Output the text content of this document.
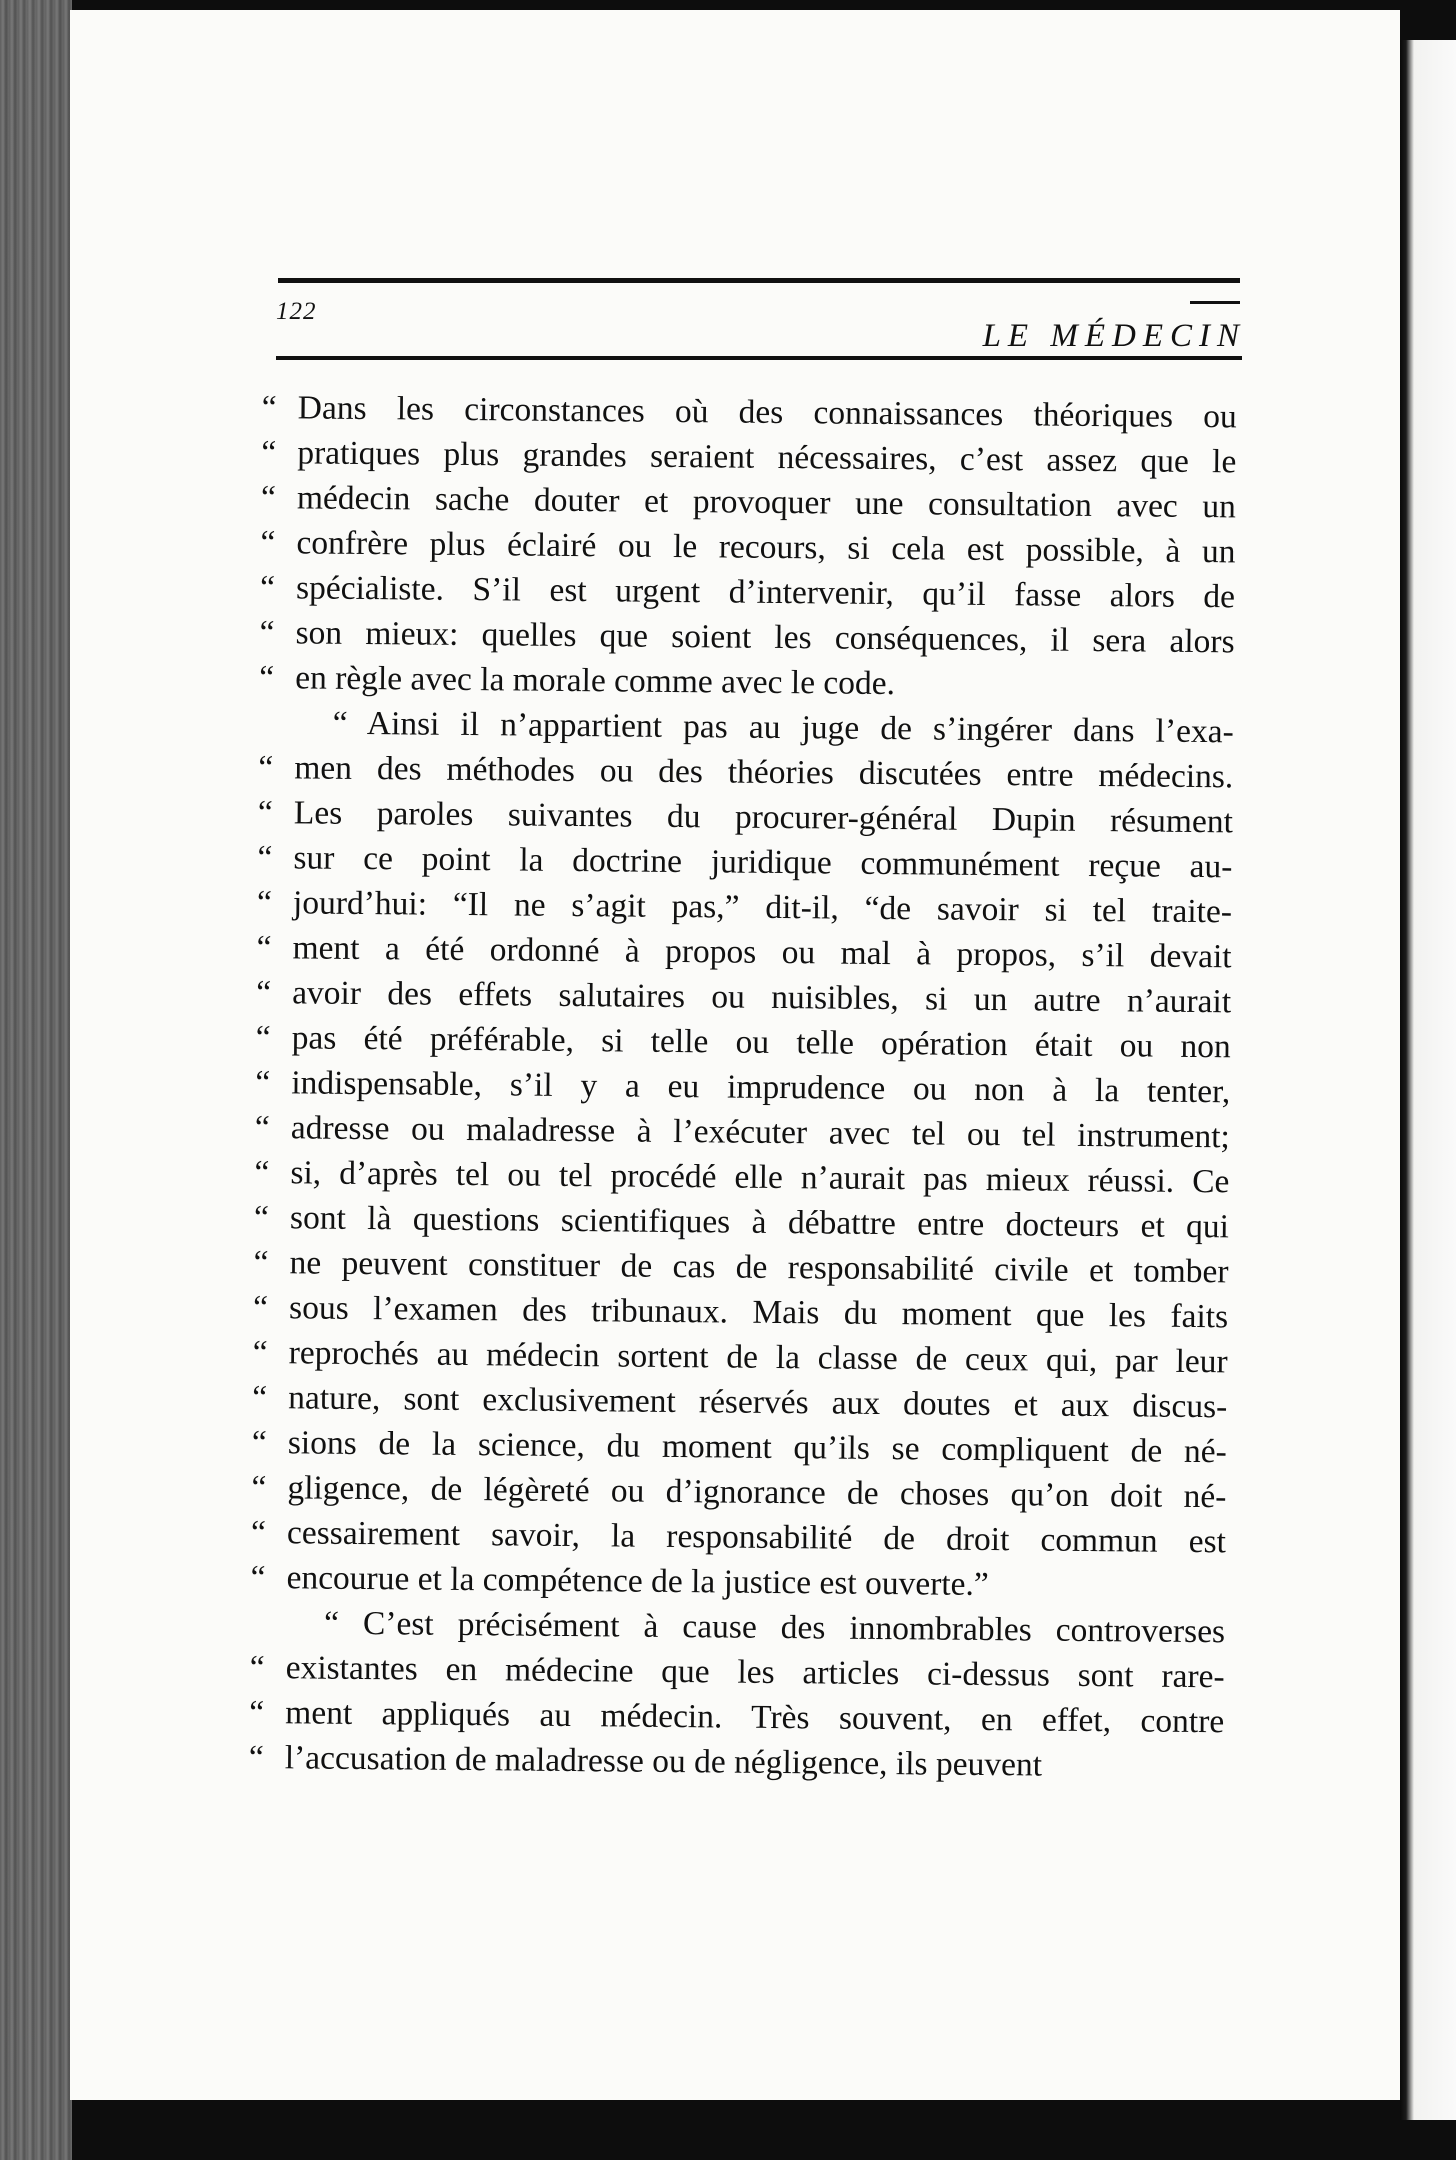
122
LE MÉDECIN
“ Dans les circonstances où des connaissances théoriques ou
“ pratiques plus grandes seraient nécessaires, c’est assez que le
“ médecin sache douter et provoquer une consultation avec un
“ confrère plus éclairé ou le recours, si cela est possible, à un
“ spécialiste. S’il est urgent d’intervenir, qu’il fasse alors de
“ son mieux: quelles que soient les conséquences, il sera alors
“ en règle avec la morale comme avec le code.
“ Ainsi il n’appartient pas au juge de s’ingérer dans l’exa-
“ men des méthodes ou des théories discutées entre médecins.
“ Les paroles suivantes du procurer-général Dupin résument
“ sur ce point la doctrine juridique communément reçue au-
“ jourd’hui: “Il ne s’agit pas,” dit-il, “de savoir si tel traite-
“ ment a été ordonné à propos ou mal à propos, s’il devait
“ avoir des effets salutaires ou nuisibles, si un autre n’aurait
“ pas été préférable, si telle ou telle opération était ou non
“ indispensable, s’il y a eu imprudence ou non à la tenter,
“ adresse ou maladresse à l’exécuter avec tel ou tel instrument;
“ si, d’après tel ou tel procédé elle n’aurait pas mieux réussi. Ce
“ sont là questions scientifiques à débattre entre docteurs et qui
“ ne peuvent constituer de cas de responsabilité civile et tomber
“ sous l’examen des tribunaux. Mais du moment que les faits
“ reprochés au médecin sortent de la classe de ceux qui, par leur
“ nature, sont exclusivement réservés aux doutes et aux discus-
“ sions de la science, du moment qu’ils se compliquent de né-
“ gligence, de légèreté ou d’ignorance de choses qu’on doit né-
“ cessairement savoir, la responsabilité de droit commun est
“ encourue et la compétence de la justice est ouverte.”
“ C’est précisément à cause des innombrables controverses
“ existantes en médecine que les articles ci-dessus sont rare-
“ ment appliqués au médecin. Très souvent, en effet, contre
“ l’accusation de maladresse ou de négligence, ils peuvent
